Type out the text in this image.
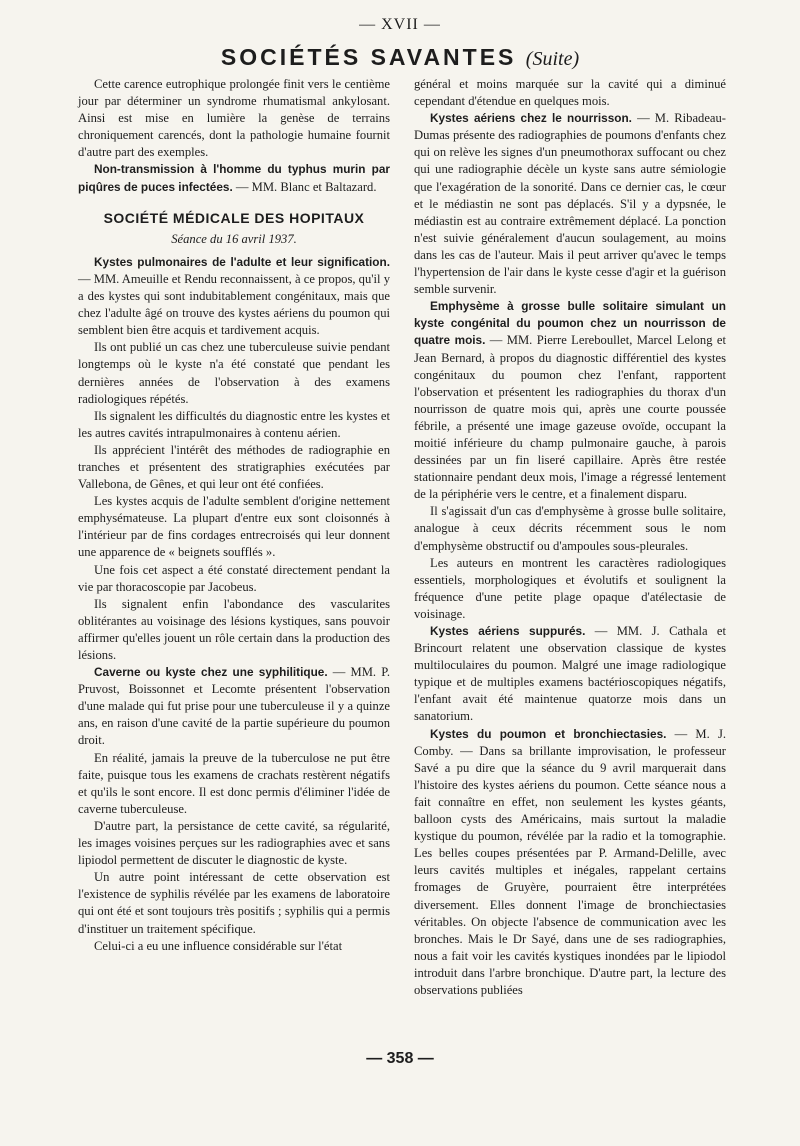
— XVII —
SOCIÉTÉS SAVANTES (Suite)

Cette carence eutrophique prolongée finit vers le centième jour par déterminer un syndrome rhumatismal ankylosant. Ainsi est mise en lumière la genèse de terrains chroniquement carencés, dont la pathologie humaine fournit d'autre part des exemples.

Non-transmission à l'homme du typhus murin par piqûres de puces infectées. — MM. Blanc et Baltazard.

SOCIÉTÉ MÉDICALE DES HOPITAUX
Séance du 16 avril 1937.

Kystes pulmonaires de l'adulte et leur signification. — MM. Ameuille et Rendu reconnaissent, à ce propos, qu'il y a des kystes qui sont indubitablement congénitaux, mais que chez l'adulte âgé on trouve des kystes aériens du poumon qui semblent bien être acquis et tardivement acquis.

Ils ont publié un cas chez une tuberculeuse suivie pendant longtemps où le kyste n'a été constaté que pendant les dernières années de l'observation à des examens radiologiques répétés.

Ils signalent les difficultés du diagnostic entre les kystes et les autres cavités intrapulmonaires à contenu aérien.

Ils apprécient l'intérêt des méthodes de radiographie en tranches et présentent des stratigraphies exécutées par Vallebona, de Gênes, et qui leur ont été confiées.

Les kystes acquis de l'adulte semblent d'origine nettement emphysémateuse. La plupart d'entre eux sont cloisonnés à l'intérieur par de fins cordages entrecroisés qui leur donnent une apparence de « beignets soufflés ».

Une fois cet aspect a été constaté directement pendant la vie par thoracoscopie par Jacobeus.

Ils signalent enfin l'abondance des vascularites oblitérantes au voisinage des lésions kystiques, sans pouvoir affirmer qu'elles jouent un rôle certain dans la production des lésions.

Caverne ou kyste chez une syphilitique. — MM. P. Pruvost, Boissonnet et Lecomte présentent l'observation d'une malade qui fut prise pour une tuberculeuse il y a quinze ans, en raison d'une cavité de la partie supérieure du poumon droit.

En réalité, jamais la preuve de la tuberculose ne put être faite, puisque tous les examens de crachats restèrent négatifs et qu'ils le sont encore. Il est donc permis d'éliminer l'idée de caverne tuberculeuse.

D'autre part, la persistance de cette cavité, sa régularité, les images voisines perçues sur les radiographies avec et sans lipiodol permettent de discuter le diagnostic de kyste.

Un autre point intéressant de cette observation est l'existence de syphilis révélée par les examens de laboratoire qui ont été et sont toujours très positifs ; syphilis qui a permis d'instituer un traitement spécifique.

Celui-ci a eu une influence considérable sur l'état

général et moins marquée sur la cavité qui a diminué cependant d'étendue en quelques mois.

Kystes aériens chez le nourrisson. — M. Ribadeau-Dumas présente des radiographies de poumons d'enfants chez qui on relève les signes d'un pneumothorax suffocant ou chez qui une radiographie décèle un kyste sans autre sémiologie que l'exagération de la sonorité. Dans ce dernier cas, le cœur et le médiastin ne sont pas déplacés. S'il y a dypsnée, le médiastin est au contraire extrêmement déplacé. La ponction n'est suivie généralement d'aucun soulagement, au moins dans les cas de l'auteur. Mais il peut arriver qu'avec le temps l'hypertension de l'air dans le kyste cesse d'agir et la guérison semble survenir.

Emphysème à grosse bulle solitaire simulant un kyste congénital du poumon chez un nourrisson de quatre mois. — MM. Pierre Lereboullet, Marcel Lelong et Jean Bernard, à propos du diagnostic différentiel des kystes congénitaux du poumon chez l'enfant, rapportent l'observation et présentent les radiographies du thorax d'un nourrisson de quatre mois qui, après une courte poussée fébrile, a présenté une image gazeuse ovoïde, occupant la moitié inférieure du champ pulmonaire gauche, à parois dessinées par un fin liseré capillaire. Après être restée stationnaire pendant deux mois, l'image a régressé lentement de la périphérie vers le centre, et a finalement disparu.

Il s'agissait d'un cas d'emphysème à grosse bulle solitaire, analogue à ceux décrits récemment sous le nom d'emphysème obstructif ou d'ampoules sous-pleurales.

Les auteurs en montrent les caractères radiologiques essentiels, morphologiques et évolutifs et soulignent la fréquence d'une petite plage opaque d'atélectasie de voisinage.

Kystes aériens suppurés. — MM. J. Cathala et Brincourt relatent une observation classique de kystes multiloculaires du poumon. Malgré une image radiologique typique et de multiples examens bactérioscopiques négatifs, l'enfant avait été maintenue quatorze mois dans un sanatorium.

Kystes du poumon et bronchiectasies. — M. J. Comby. — Dans sa brillante improvisation, le professeur Savé a pu dire que la séance du 9 avril marquerait dans l'histoire des kystes aériens du poumon. Cette séance nous a fait connaître en effet, non seulement les kystes géants, balloon cysts des Américains, mais surtout la maladie kystique du poumon, révélée par la radio et la tomographie. Les belles coupes présentées par P. Armand-Delille, avec leurs cavités multiples et inégales, rappelant certains fromages de Gruyère, pourraient être interprétées diversement. Elles donnent l'image de bronchiectasies véritables. On objecte l'absence de communication avec les bronches. Mais le Dr Sayé, dans une de ses radiographies, nous a fait voir les cavités kystiques inondées par le lipiodol introduit dans l'arbre bronchique. D'autre part, la lecture des observations publiées

— 358 —
